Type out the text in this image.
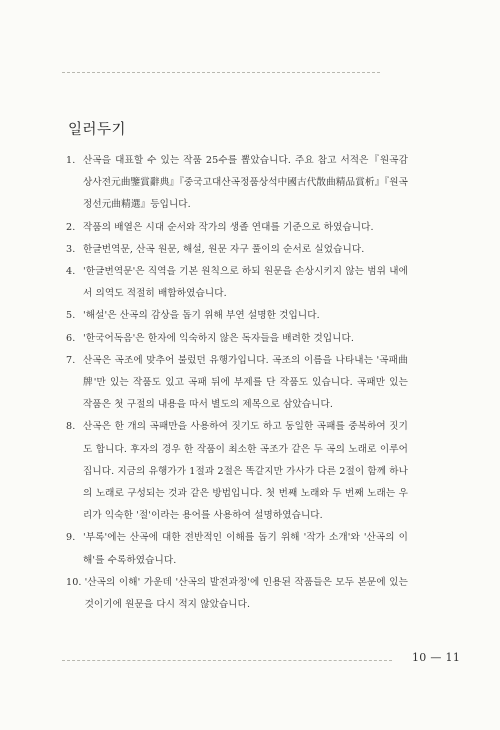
일러두기
1. 산곡을 대표할 수 있는 작품 25수를 뽑았습니다. 주요 참고 서적은『원곡감상사전元曲鑒賞辭典』『중국고대산곡정품상석中國古代散曲精品賞析』『원곡정선元曲精選』등입니다.
2. 작품의 배열은 시대 순서와 작가의 생졸 연대를 기준으로 하였습니다.
3. 한글번역문, 산곡 원문, 해설, 원문 자구 풀이의 순서로 실었습니다.
4. '한글번역문'은 직역을 기본 원칙으로 하되 원문을 손상시키지 않는 범위 내에서 의역도 적절히 배합하였습니다.
5. '해설'은 산곡의 감상을 돕기 위해 부연 설명한 것입니다.
6. '한국어독음'은 한자에 익숙하지 않은 독자들을 배려한 것입니다.
7. 산곡은 곡조에 맞추어 불렀던 유행가입니다. 곡조의 이름을 나타내는 '곡패曲牌'만 있는 작품도 있고 곡패 뒤에 부제를 단 작품도 있습니다. 곡패만 있는 작품은 첫 구절의 내용을 따서 별도의 제목으로 삼았습니다.
8. 산곡은 한 개의 곡패만을 사용하여 짓기도 하고 동일한 곡패를 중복하여 짓기도 합니다. 후자의 경우 한 작품이 최소한 곡조가 같은 두 곡의 노래로 이루어집니다. 지금의 유행가가 1절과 2절은 똑같지만 가사가 다른 2절이 함께 하나의 노래로 구성되는 것과 같은 방법입니다. 첫 번째 노래와 두 번째 노래는 우리가 익숙한 '절'이라는 용어를 사용하여 설명하였습니다.
9. '부록'에는 산곡에 대한 전반적인 이해를 돕기 위해 '작가 소개'와 '산곡의 이해'를 수록하였습니다.
10. '산곡의 이해' 가운데 '산곡의 발전과정'에 인용된 작품들은 모두 본문에 있는 것이기에 원문을 다시 적지 않았습니다.
10 — 11
